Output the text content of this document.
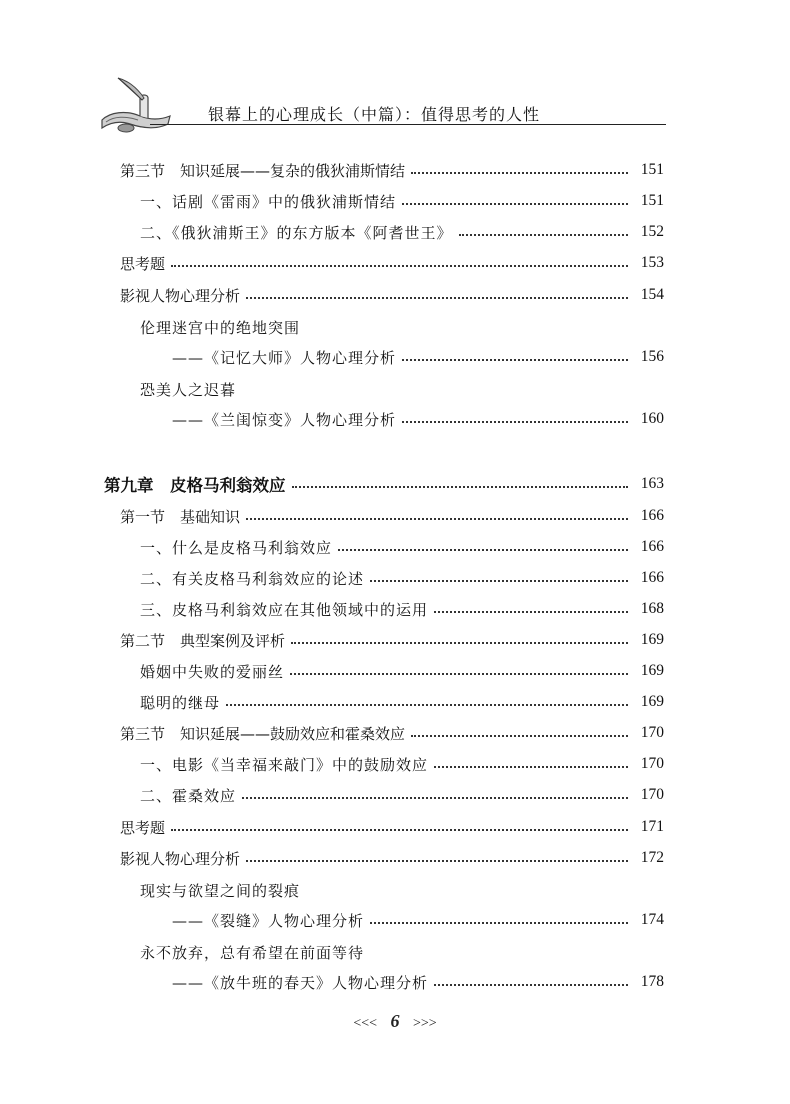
银幕上的心理成长（中篇）：值得思考的人性
第三节　知识延展——复杂的俄狄浦斯情结	151
一、话剧《雷雨》中的俄狄浦斯情结	151
二、《俄狄浦斯王》的东方版本《阿耆世王》	152
思考题	153
影视人物心理分析	154
伦理迷宫中的绝地突围
——《记忆大师》人物心理分析	156
恐美人之迟暮
——《兰闺惊变》人物心理分析	160
第九章　皮格马利翁效应	163
第一节　基础知识	166
一、什么是皮格马利翁效应	166
二、有关皮格马利翁效应的论述	166
三、皮格马利翁效应在其他领域中的运用	168
第二节　典型案例及评析	169
婚姻中失败的爱丽丝	169
聪明的继母	169
第三节　知识延展——鼓励效应和霍桑效应	170
一、电影《当幸福来敲门》中的鼓励效应	170
二、霍桑效应	170
思考题	171
影视人物心理分析	172
现实与欲望之间的裂痕
——《裂缝》人物心理分析	174
永不放弃，总有希望在前面等待
——《放牛班的春天》人物心理分析	178
<<< 6 >>>
